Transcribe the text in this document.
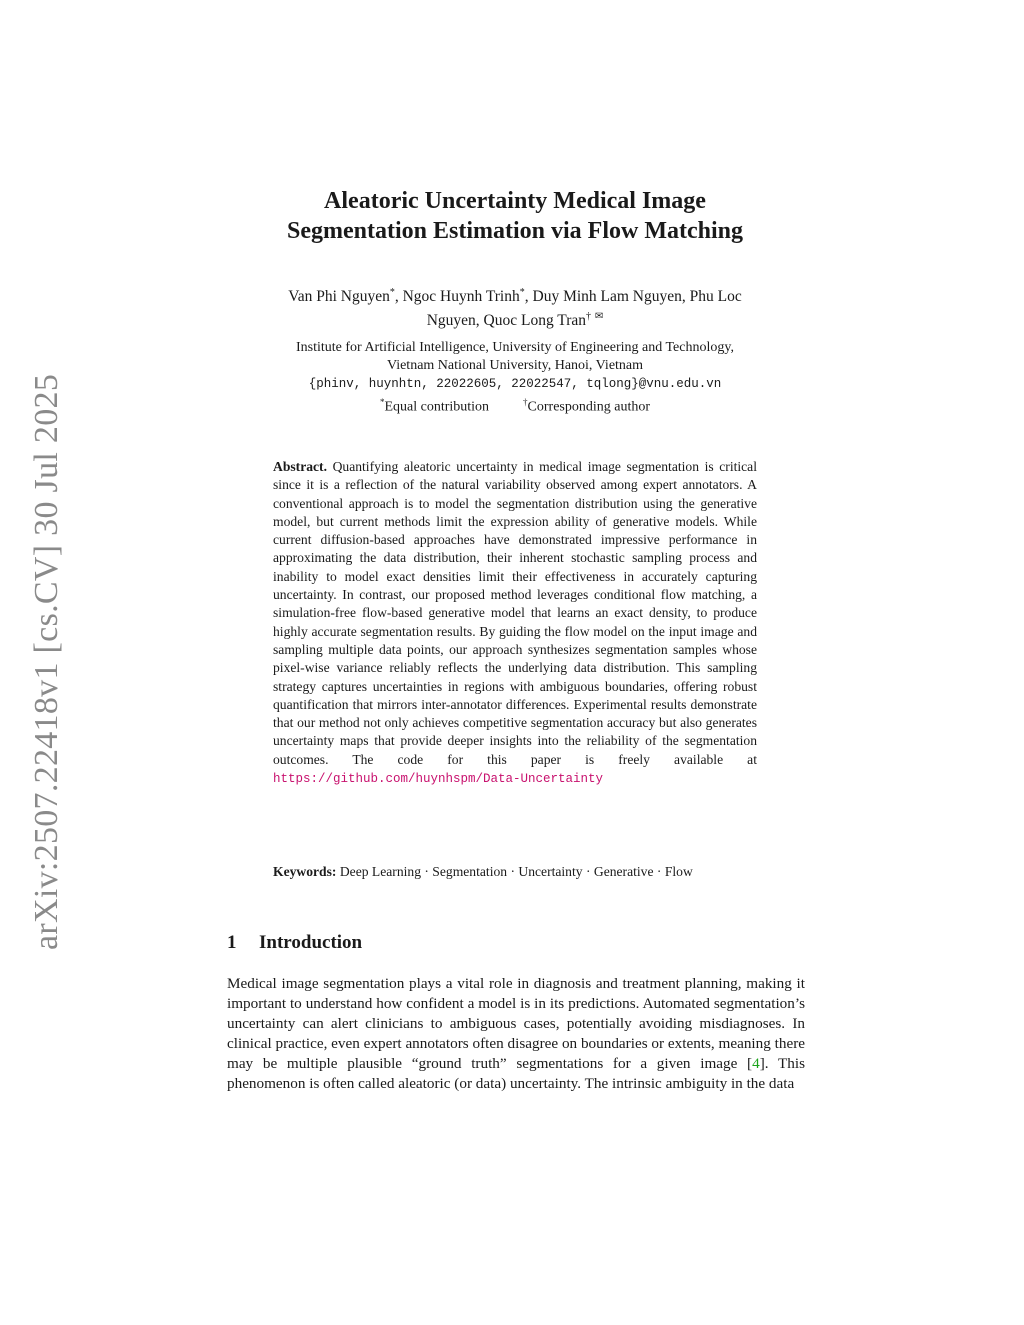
arXiv:2507.22418v1 [cs.CV] 30 Jul 2025
Aleatoric Uncertainty Medical Image
Segmentation Estimation via Flow Matching
Van Phi Nguyen*, Ngoc Huynh Trinh*, Duy Minh Lam Nguyen, Phu Loc
Nguyen, Quoc Long Tran† ✉
Institute for Artificial Intelligence, University of Engineering and Technology,
Vietnam National University, Hanoi, Vietnam
{phinv, huynhtn, 22022605, 22022547, tqlong}@vnu.edu.vn
*Equal contribution	†Corresponding author
Abstract. Quantifying aleatoric uncertainty in medical image segmentation is critical since it is a reflection of the natural variability observed among expert annotators. A conventional approach is to model the segmentation distribution using the generative model, but current methods limit the expression ability of generative models. While current diffusion-based approaches have demonstrated impressive performance in approximating the data distribution, their inherent stochastic sampling process and inability to model exact densities limit their effectiveness in accurately capturing uncertainty. In contrast, our proposed method leverages conditional flow matching, a simulation-free flow-based generative model that learns an exact density, to produce highly accurate segmentation results. By guiding the flow model on the input image and sampling multiple data points, our approach synthesizes segmentation samples whose pixel-wise variance reliably reflects the underlying data distribution. This sampling strategy captures uncertainties in regions with ambiguous boundaries, offering robust quantification that mirrors inter-annotator differences. Experimental results demonstrate that our method not only achieves competitive segmentation accuracy but also generates uncertainty maps that provide deeper insights into the reliability of the segmentation outcomes. The code for this paper is freely available at https://github.com/huynhspm/Data-Uncertainty
Keywords: Deep Learning · Segmentation · Uncertainty · Generative · Flow
1 Introduction
Medical image segmentation plays a vital role in diagnosis and treatment planning, making it important to understand how confident a model is in its predictions. Automated segmentation’s uncertainty can alert clinicians to ambiguous cases, potentially avoiding misdiagnoses. In clinical practice, even expert annotators often disagree on boundaries or extents, meaning there may be multiple plausible “ground truth” segmentations for a given image [4]. This phenomenon is often called aleatoric (or data) uncertainty. The intrinsic ambiguity in the data
